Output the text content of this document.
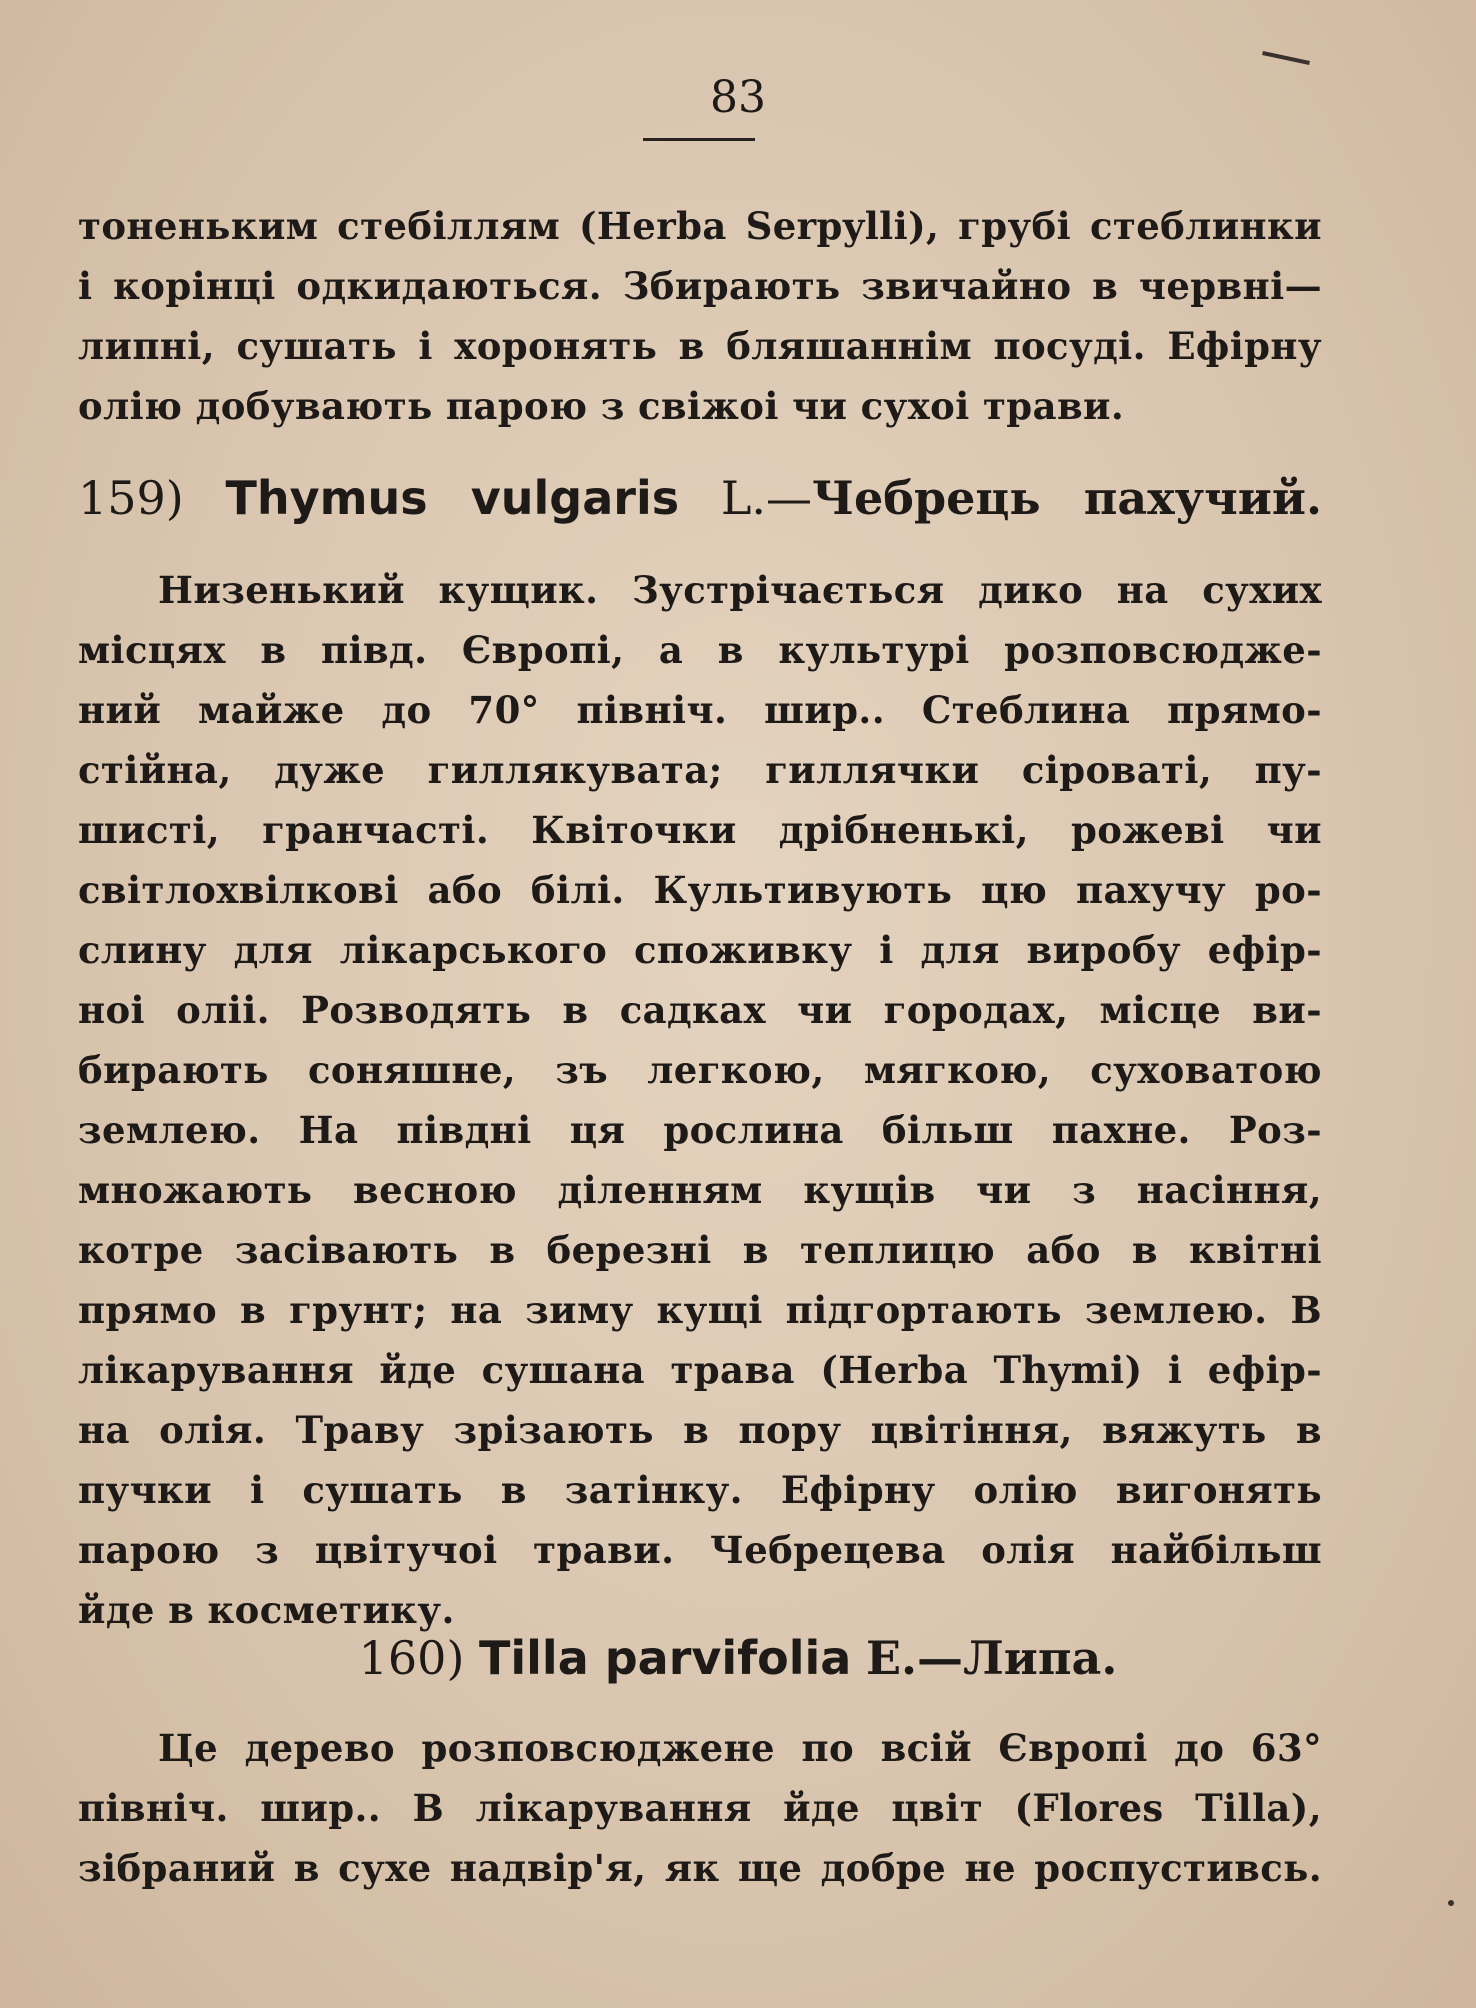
83
тоненьким стебіллям (Herba Serpylli), грубі стеблинки
і корінці одкидаються. Збирають звичайно в червні—
липні, сушать і хоронять в бляшаннім посуді. Ефірну
олію добувають парою з свіжоі чи сухоі трави.
159) Thymus vulgaris L.—Чебрець пахучий.
Низенький кущик. Зустрічається дико на сухих
місцях в півд. Європі, а в культурі розповсюдже-
ний майже до 70° північ. шир.. Стеблина прямо-
стійна, дуже гиллякувата; гиллячки сіроваті, пу-
шисті, гранчасті. Квіточки дрібненькі, рожеві чи
світлохвілкові або білі. Культивують цю пахучу ро-
слину для лікарського споживку і для виробу ефір-
ноі оліі. Розводять в садках чи городах, місце ви-
бирають соняшне, зъ легкою, мягкою, суховатою
землею. На півдні ця рослина більш пахне. Роз-
множають весною діленням кущів чи з насіння,
котре засівають в березні в теплицю або в квітні
прямо в грунт; на зиму кущі підгортають землею. В
лікарування йде сушана трава (Herba Thymi) і ефір-
на олія. Траву зрізають в пору цвітіння, вяжуть в
пучки і сушать в затінку. Ефірну олію вигонять
парою з цвітучоі трави. Чебрецева олія найбільш
йде в косметику.
160) Tilla parvifolia E.—Липа.
Це дерево розповсюджене по всій Європі до 63°
північ. шир.. В лікарування йде цвіт (Flores Tilla),
зібраний в сухе надвір'я, як ще добре не роспустивсь.
